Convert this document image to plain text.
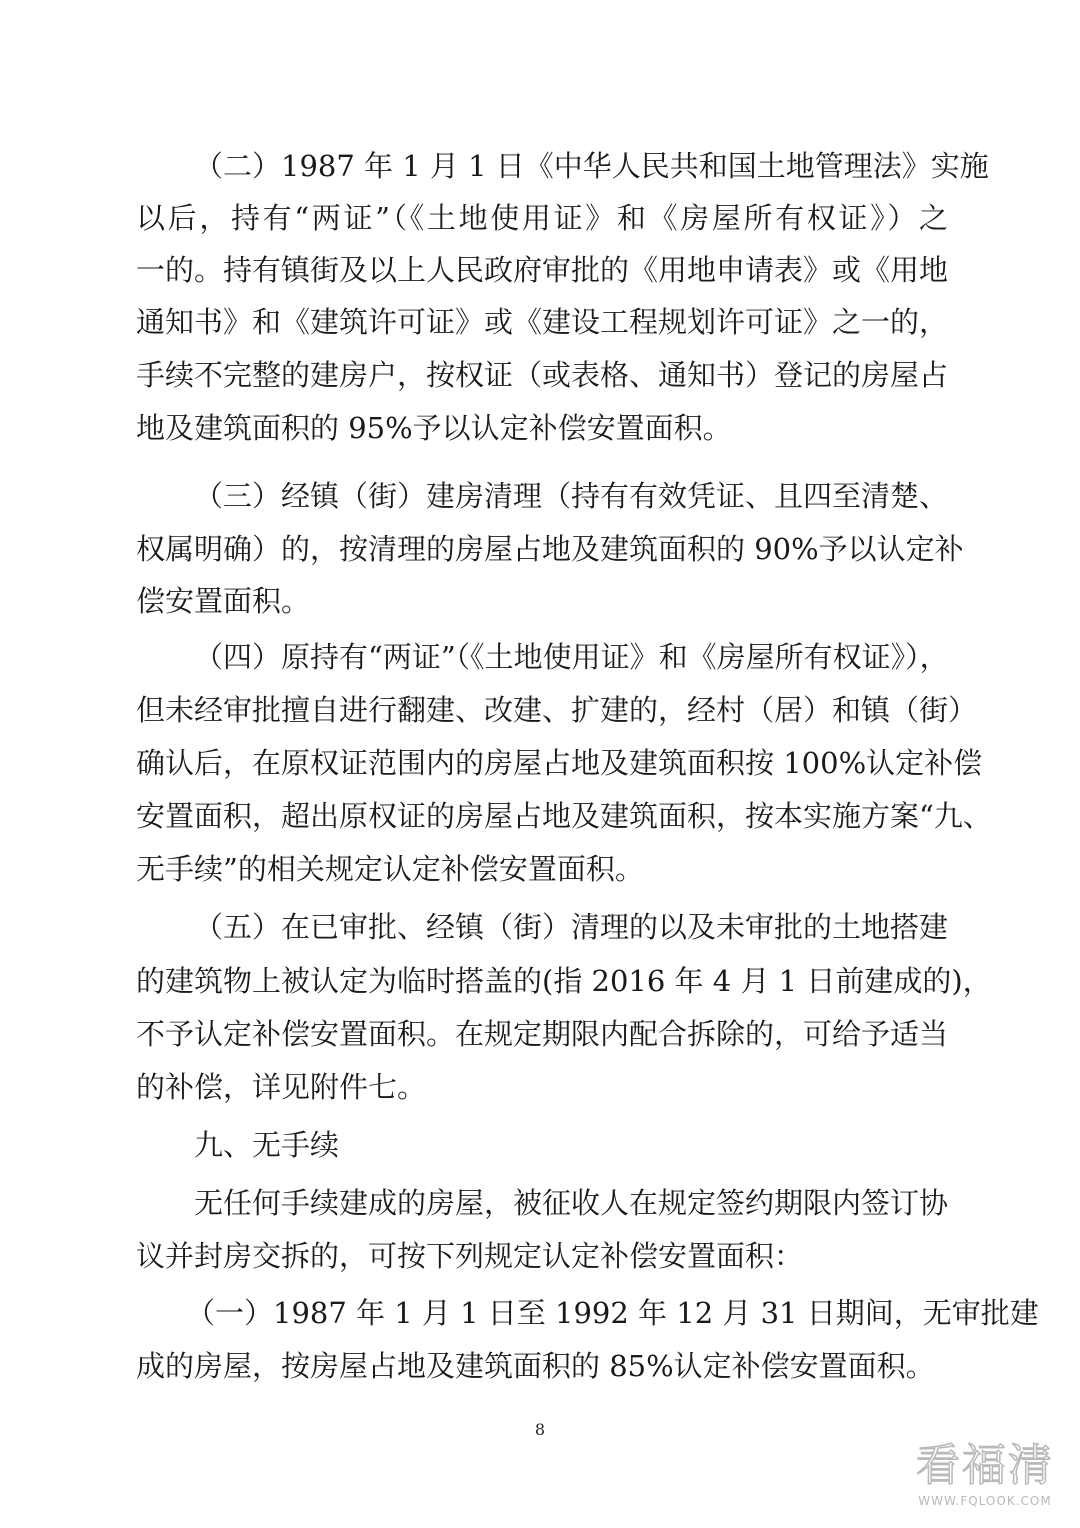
（二）1987 年 1 月 1 日《中华人民共和国土地管理法》实施
以后，持有“两证”（《土地使用证》和《房屋所有权证》）之
一的。持有镇街及以上人民政府审批的《用地申请表》或《用地
通知书》和《建筑许可证》或《建设工程规划许可证》之一的，
手续不完整的建房户，按权证（或表格、通知书）登记的房屋占
地及建筑面积的 95%予以认定补偿安置面积。
（三）经镇（街）建房清理（持有有效凭证、且四至清楚、
权属明确）的，按清理的房屋占地及建筑面积的 90%予以认定补
偿安置面积。
（四）原持有“两证”（《土地使用证》和《房屋所有权证》），
但未经审批擅自进行翻建、改建、扩建的，经村（居）和镇（街）
确认后，在原权证范围内的房屋占地及建筑面积按 100%认定补偿
安置面积，超出原权证的房屋占地及建筑面积，按本实施方案“九、
无手续”的相关规定认定补偿安置面积。
（五）在已审批、经镇（街）清理的以及未审批的土地搭建
的建筑物上被认定为临时搭盖的(指 2016 年 4 月 1 日前建成的)，
不予认定补偿安置面积。在规定期限内配合拆除的，可给予适当
的补偿，详见附件七。
九、无手续
无任何手续建成的房屋，被征收人在规定签约期限内签订协
议并封房交拆的，可按下列规定认定补偿安置面积：
（一）1987 年 1 月 1 日至 1992 年 12 月 31 日期间，无审批建
成的房屋，按房屋占地及建筑面积的 85%认定补偿安置面积。
8
看福清
WWW.FQLOOK.COM
